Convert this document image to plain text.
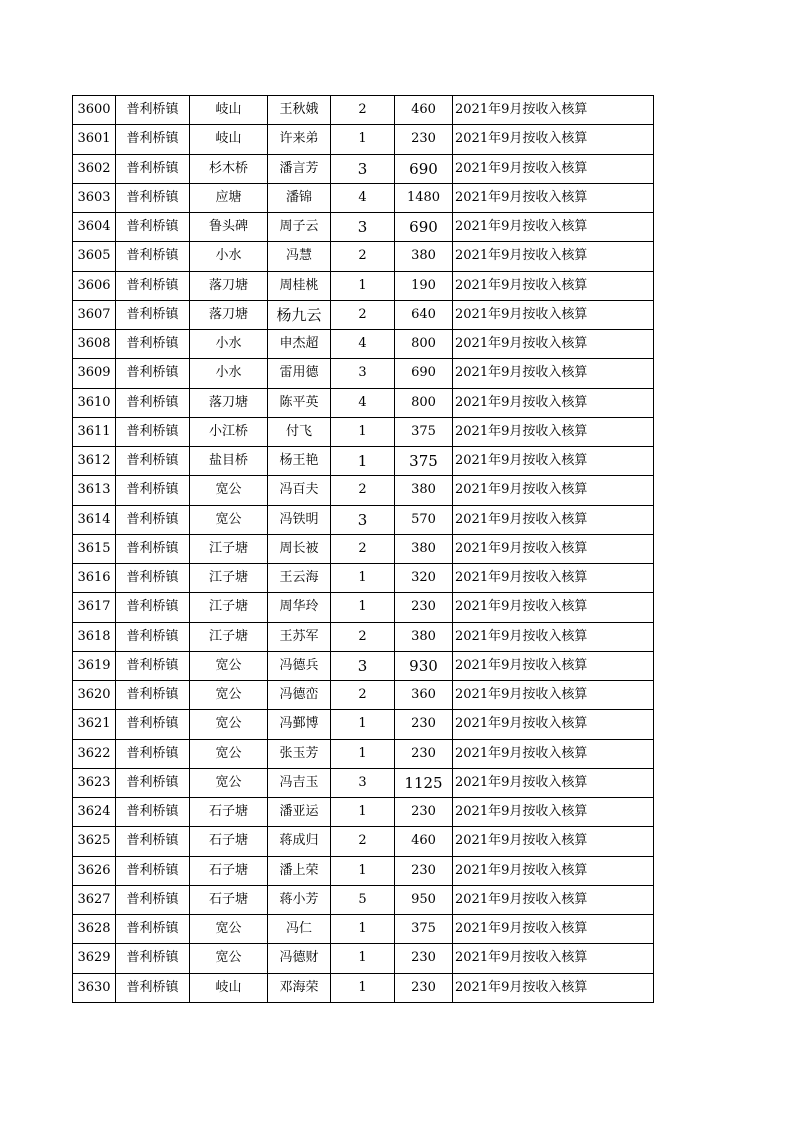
3600	普利桥镇	岐山	王秋娥	2	460	2021年9月按收入核算
3601	普利桥镇	岐山	许来弟	1	230	2021年9月按收入核算
3602	普利桥镇	杉木桥	潘言芳	3	690	2021年9月按收入核算
3603	普利桥镇	应塘	潘锦	4	1480	2021年9月按收入核算
3604	普利桥镇	鲁头碑	周子云	3	690	2021年9月按收入核算
3605	普利桥镇	小水	冯慧	2	380	2021年9月按收入核算
3606	普利桥镇	落刀塘	周桂桃	1	190	2021年9月按收入核算
3607	普利桥镇	落刀塘	杨九云	2	640	2021年9月按收入核算
3608	普利桥镇	小水	申杰超	4	800	2021年9月按收入核算
3609	普利桥镇	小水	雷用德	3	690	2021年9月按收入核算
3610	普利桥镇	落刀塘	陈平英	4	800	2021年9月按收入核算
3611	普利桥镇	小江桥	付飞	1	375	2021年9月按收入核算
3612	普利桥镇	盐目桥	杨王艳	1	375	2021年9月按收入核算
3613	普利桥镇	宽公	冯百夫	2	380	2021年9月按收入核算
3614	普利桥镇	宽公	冯铁明	3	570	2021年9月按收入核算
3615	普利桥镇	江子塘	周长被	2	380	2021年9月按收入核算
3616	普利桥镇	江子塘	王云海	1	320	2021年9月按收入核算
3617	普利桥镇	江子塘	周华玲	1	230	2021年9月按收入核算
3618	普利桥镇	江子塘	王苏军	2	380	2021年9月按收入核算
3619	普利桥镇	宽公	冯德兵	3	930	2021年9月按收入核算
3620	普利桥镇	宽公	冯德峦	2	360	2021年9月按收入核算
3621	普利桥镇	宽公	冯鄞博	1	230	2021年9月按收入核算
3622	普利桥镇	宽公	张玉芳	1	230	2021年9月按收入核算
3623	普利桥镇	宽公	冯吉玉	3	1125	2021年9月按收入核算
3624	普利桥镇	石子塘	潘亚运	1	230	2021年9月按收入核算
3625	普利桥镇	石子塘	蒋成归	2	460	2021年9月按收入核算
3626	普利桥镇	石子塘	潘上荣	1	230	2021年9月按收入核算
3627	普利桥镇	石子塘	蒋小芳	5	950	2021年9月按收入核算
3628	普利桥镇	宽公	冯仁	1	375	2021年9月按收入核算
3629	普利桥镇	宽公	冯德财	1	230	2021年9月按收入核算
3630	普利桥镇	岐山	邓海荣	1	230	2021年9月按收入核算
